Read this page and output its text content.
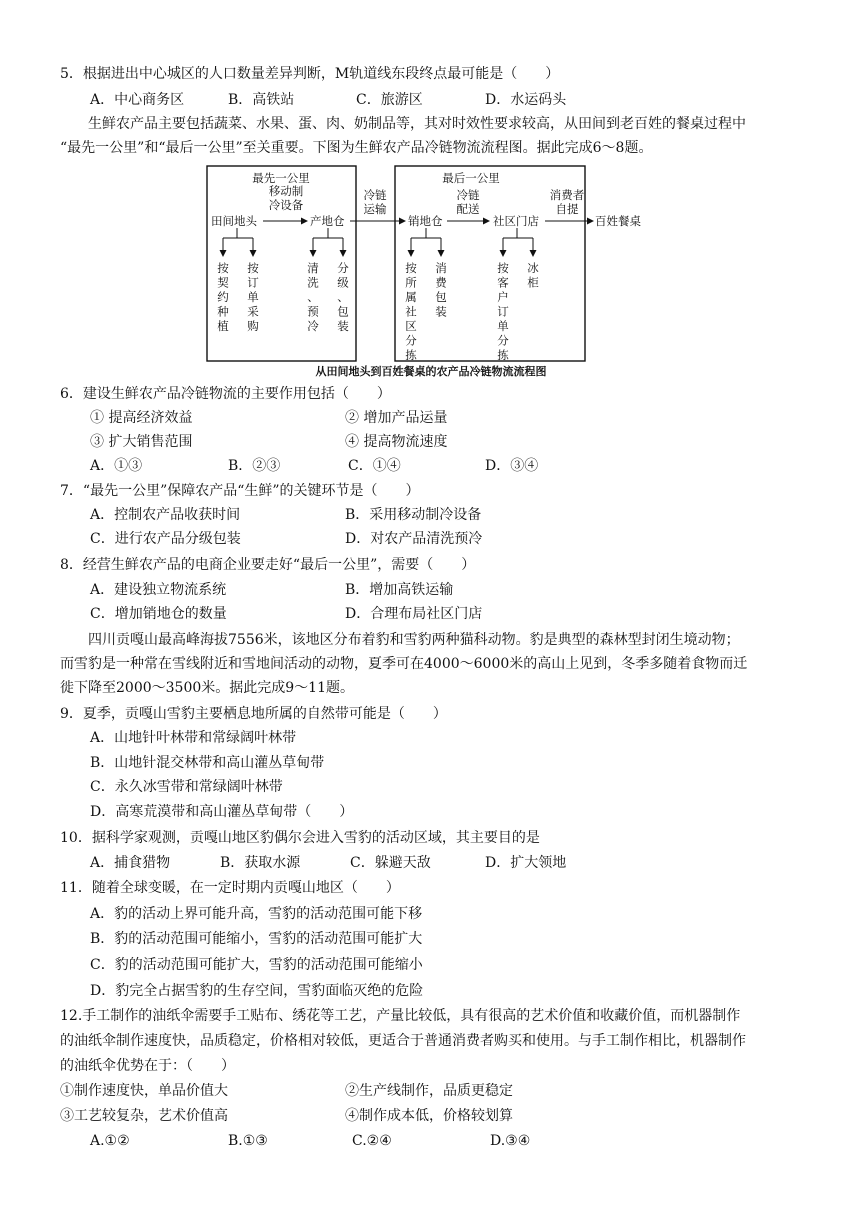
5．根据进出中心城区的人口数量差异判断，M轨道线东段终点最可能是（　　）
A．中心商务区	B．高铁站	C．旅游区	D．水运码头
生鲜农产品主要包括蔬菜、水果、蛋、肉、奶制品等，其对时效性要求较高，从田间到老百姓的餐桌过程中
“最先一公里”和“最后一公里”至关重要。下图为生鲜农产品冷链物流流程图。据此完成6～8题。
最先一公里	最后一公里
田间地头
移动制
冷设备
产地仓
冷链
运输
销地仓
冷链
配送
社区门店
消费者
自提
百姓餐桌
按
契
约
种
植
按
订
单
采
购
清
洗
、
预
冷
分
级
、
包
装
按
所
属
社
区
分
拣
消
费
包
装
按
客
户
订
单
分
拣
冰
柜
从田间地头到百姓餐桌的农产品冷链物流流程图
6．建设生鲜农产品冷链物流的主要作用包括（　　）
① 提高经济效益	② 增加产品运量
③ 扩大销售范围	④ 提高物流速度
A．①③	B．②③	C．①④	D．③④
7．“最先一公里”保障农产品“生鲜”的关键环节是（　　）
A．控制农产品收获时间	B．采用移动制冷设备
C．进行农产品分级包装	D．对农产品清洗预冷
8．经营生鲜农产品的电商企业要走好“最后一公里”，需要（　　）
A．建设独立物流系统	B．增加高铁运输
C．增加销地仓的数量	D．合理布局社区门店
四川贡嘎山最高峰海拔7556米，该地区分布着豹和雪豹两种猫科动物。豹是典型的森林型封闭生境动物；
而雪豹是一种常在雪线附近和雪地间活动的动物，夏季可在4000～6000米的高山上见到，冬季多随着食物而迁
徙下降至2000～3500米。据此完成9～11题。
9．夏季，贡嘎山雪豹主要栖息地所属的自然带可能是（　　）
A．山地针叶林带和常绿阔叶林带
B．山地针混交林带和高山灌丛草甸带
C．永久冰雪带和常绿阔叶林带
D．高寒荒漠带和高山灌丛草甸带（　　）
10．据科学家观测，贡嘎山地区豹偶尔会进入雪豹的活动区域，其主要目的是
A．捕食猎物	B．获取水源	C．躲避天敌	D．扩大领地
11．随着全球变暖，在一定时期内贡嘎山地区（　　）
A．豹的活动上界可能升高，雪豹的活动范围可能下移
B．豹的活动范围可能缩小，雪豹的活动范围可能扩大
C．豹的活动范围可能扩大，雪豹的活动范围可能缩小
D．豹完全占据雪豹的生存空间，雪豹面临灭绝的危险
12.手工制作的油纸伞需要手工贴布、绣花等工艺，产量比较低，具有很高的艺术价值和收藏价值，而机器制作
的油纸伞制作速度快，品质稳定，价格相对较低，更适合于普通消费者购买和使用。与手工制作相比，机器制作
的油纸伞优势在于：（　　）
①制作速度快，单品价值大	②生产线制作，品质更稳定
③工艺较复杂，艺术价值高	④制作成本低，价格较划算
A.①②	B.①③	C.②④	D.③④
